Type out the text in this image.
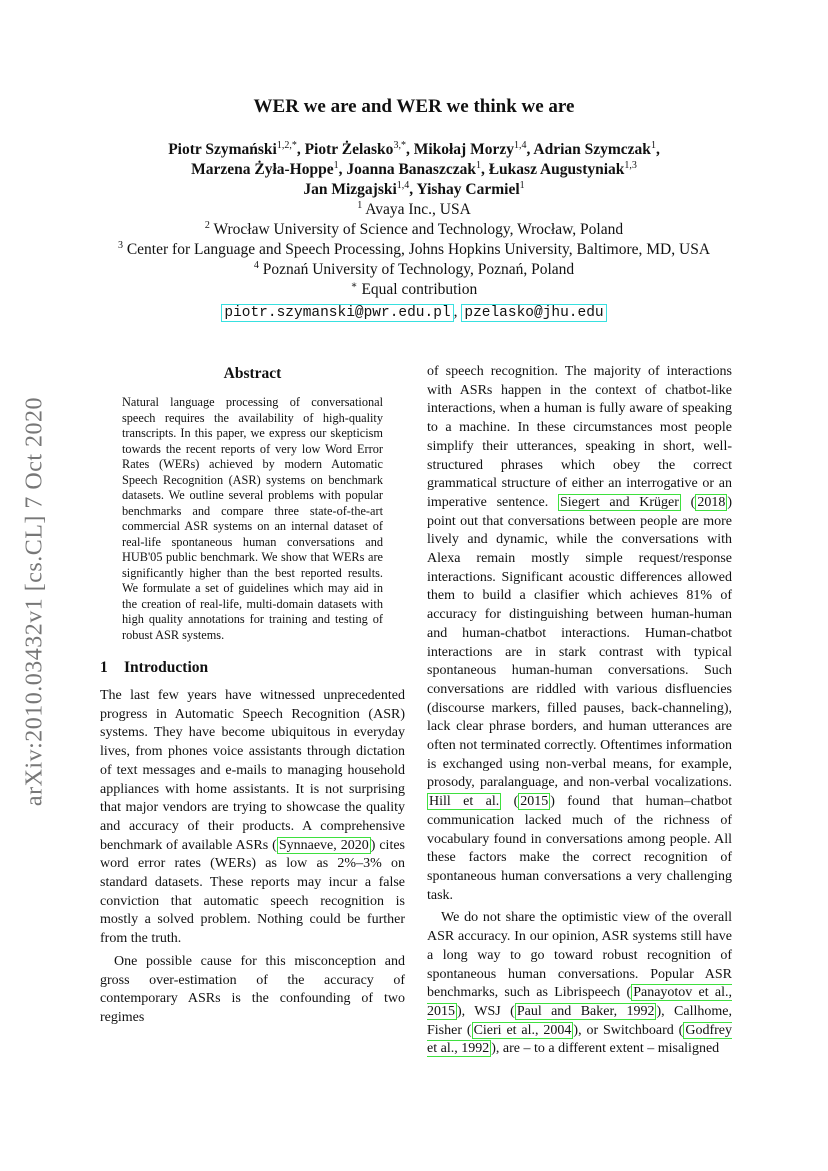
arXiv:2010.03432v1 [cs.CL] 7 Oct 2020
WER we are and WER we think we are
Piotr Szymański$^{1,2,*}$, Piotr Żelasko$^{3,*}$, Mikołaj Morzy$^{1,4}$, Adrian Szymczak$^1$,
Marzena Żyła-Hoppe$^1$, Joanna Banaszczak$^1$, Łukasz Augustyniak$^{1,3}$
Jan Mizgajski$^{1,4}$, Yishay Carmiel$^1$
$^1$ Avaya Inc., USA
$^2$ Wrocław University of Science and Technology, Wrocław, Poland
$^3$ Center for Language and Speech Processing, Johns Hopkins University, Baltimore, MD, USA
$^4$ Poznań University of Technology, Poznań, Poland
∗ Equal contribution
piotr.szymanski@pwr.edu.pl , pzelasko@jhu.edu
Abstract
Natural language processing of conversational speech requires the availability of high-quality transcripts. In this paper, we express our skepticism towards the recent reports of very low Word Error Rates (WERs) achieved by modern Automatic Speech Recognition (ASR) systems on benchmark datasets. We outline several problems with popular benchmarks and compare three state-of-the-art commercial ASR systems on an internal dataset of real-life spontaneous human conversations and HUB'05 public benchmark. We show that WERs are significantly higher than the best reported results. We formulate a set of guidelines which may aid in the creation of real-life, multi-domain datasets with high quality annotations for training and testing of robust ASR systems.
1 Introduction

The last few years have witnessed unprecedented progress in Automatic Speech Recognition (ASR) systems. They have become ubiquitous in everyday lives, from phones voice assistants through dictation of text messages and e-mails to managing household appliances with home assistants. It is not surprising that major vendors are trying to showcase the quality and accuracy of their products. A comprehensive benchmark of available ASRs ( Synnaeve, 2020 ) cites word error rates (WERs) as low as 2%–3% on standard datasets. These reports may incur a false conviction that automatic speech recognition is mostly a solved problem. Nothing could be further from the truth.

One possible cause for this misconception and gross over-estimation of the accuracy of contemporary ASRs is the confounding of two regimes

of speech recognition. The majority of interactions with ASRs happen in the context of chatbot-like interactions, when a human is fully aware of speaking to a machine. In these circumstances most people simplify their utterances, speaking in short, well-structured phrases which obey the correct grammatical structure of either an interrogative or an imperative sentence. Siegert and Krüger ( 2018 ) point out that conversations between people are more lively and dynamic, while the conversations with Alexa remain mostly simple request/response interactions. Significant acoustic differences allowed them to build a clasifier which achieves 81% of accuracy for distinguishing between human-human and human-chatbot interactions. Human-chatbot interactions are in stark contrast with typical spontaneous human-human conversations. Such conversations are riddled with various disfluencies (discourse markers, filled pauses, back-channeling), lack clear phrase borders, and human utterances are often not terminated correctly. Oftentimes information is exchanged using non-verbal means, for example, prosody, paralanguage, and non-verbal vocalizations. Hill et al. ( 2015 ) found that human–chatbot communication lacked much of the richness of vocabulary found in conversations among people. All these factors make the correct recognition of spontaneous human conversations a very challenging task.

We do not share the optimistic view of the overall ASR accuracy. In our opinion, ASR systems still have a long way to go toward robust recognition of spontaneous human conversations. Popular ASR benchmarks, such as Librispeech ( Panayotov et al., 2015 ), WSJ ( Paul and Baker, 1992 ), Callhome, Fisher ( Cieri et al., 2004 ), or Switchboard ( Godfrey et al., 1992 ), are – to a different extent – misaligned
